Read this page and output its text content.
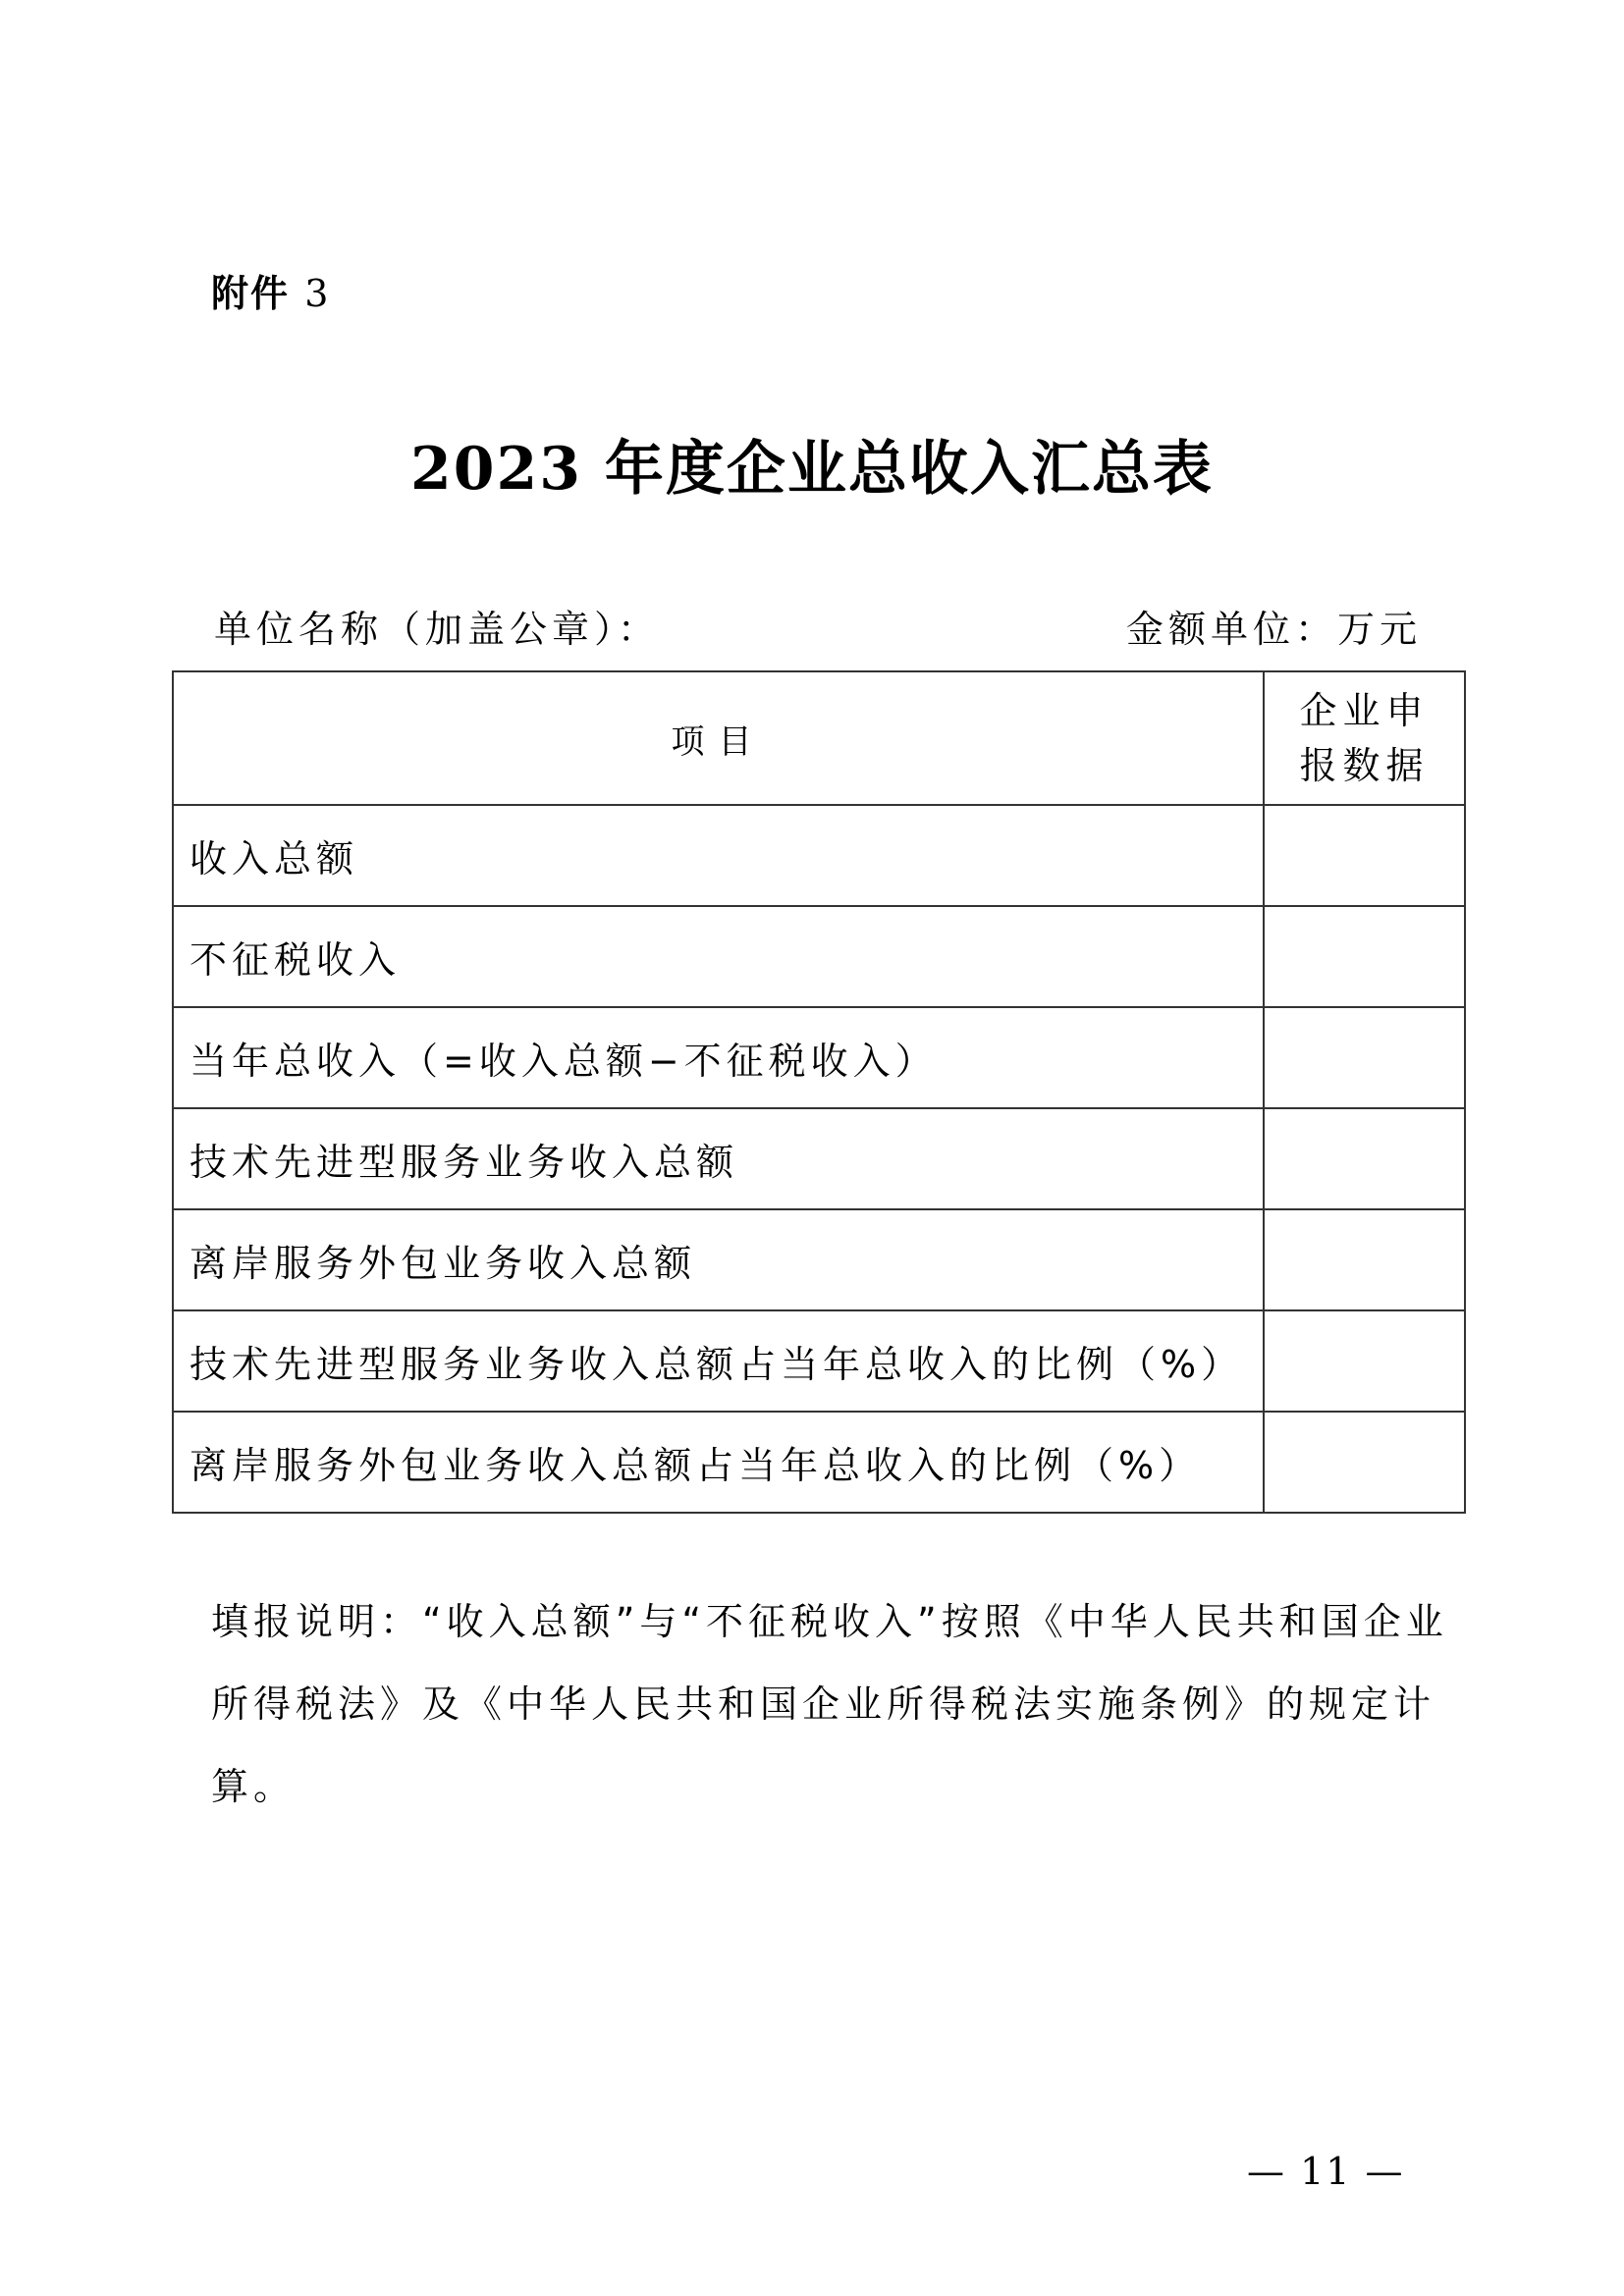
附件 3
2023 年度企业总收入汇总表
单位名称（加盖公章）：	金额单位：万元
项目	企业申
报数据

收入总额	
不征税收入	
当年总收入（=收入总额−不征税收入）	
技术先进型服务业务收入总额	
离岸服务外包业务收入总额	
技术先进型服务业务收入总额占当年总收入的比例（%）	
离岸服务外包业务收入总额占当年总收入的比例（%）	
填报说明：“收入总额”与“不征税收入”按照《中华人民共和国企业所得税法》及《中华人民共和国企业所得税法实施条例》的规定计算。
— 11 —
